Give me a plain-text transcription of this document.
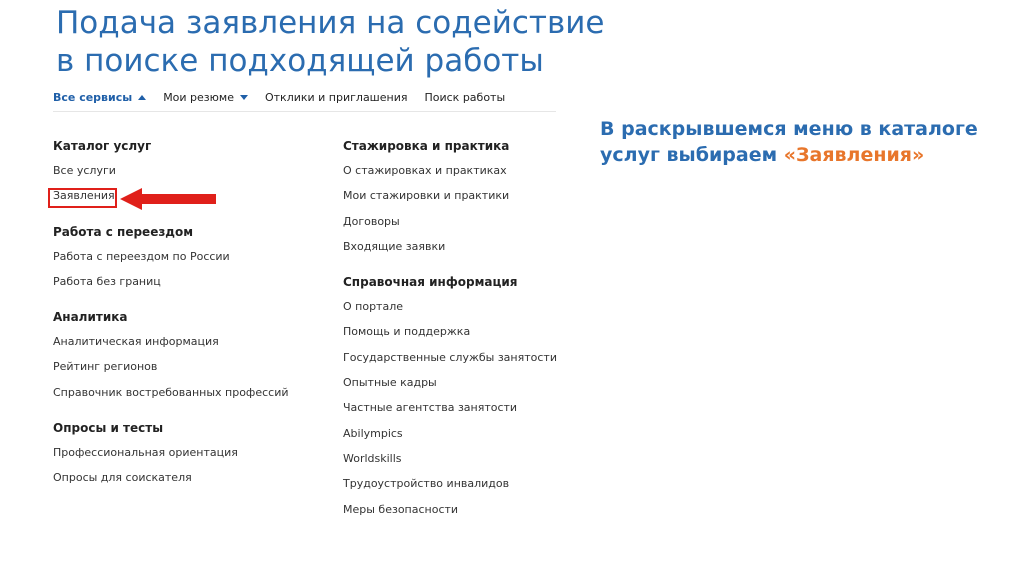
Подача заявления на содействие
в поиске подходящей работы
Все сервисы	Мои резюме	Отклики и приглашения Поиск работы
Каталог услуг
Все услуги
Заявления
Работа с переездом
Работа с переездом по России
Работа без границ
Аналитика
Аналитическая информация
Рейтинг регионов
Справочник востребованных профессий
Опросы и тесты
Профессиональная ориентация
Опросы для соискателя
Стажировка и практика
О стажировках и практиках
Мои стажировки и практики
Договоры
Входящие заявки
Справочная информация
О портале
Помощь и поддержка
Государственные службы занятости
Опытные кадры
Частные агентства занятости
Abilympics
Worldskills
Трудоустройство инвалидов
Меры безопасности
В раскрывшемся меню в каталоге
услуг выбираем «Заявления»
